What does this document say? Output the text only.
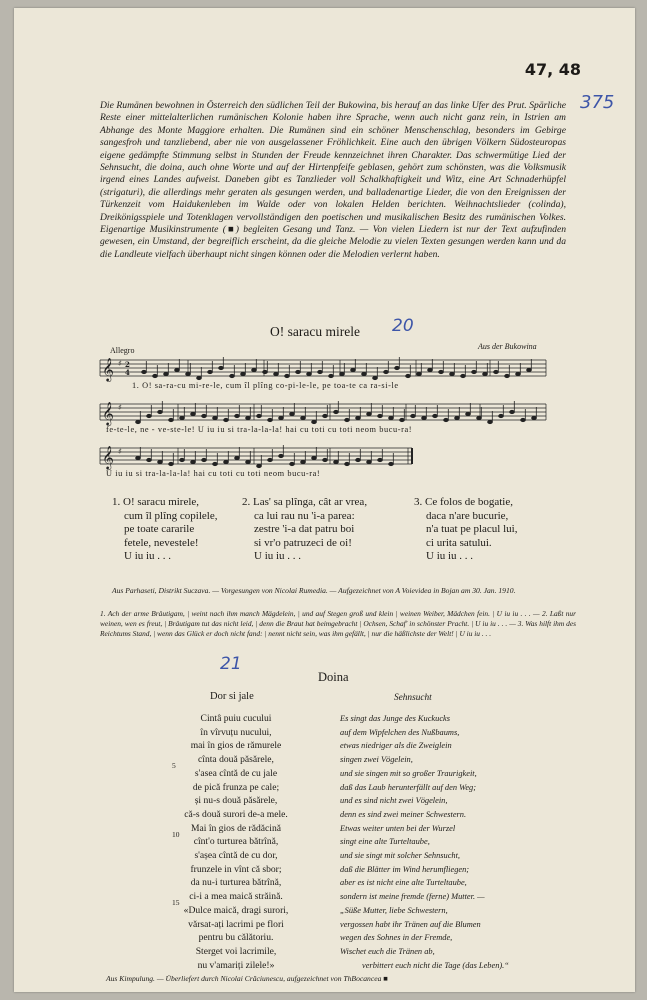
47, 48
375

Die Rumänen bewohnen in Österreich den südlichen Teil der Bukowina, bis herauf an das linke Ufer des Prut. Spärliche Reste einer mittelalterlichen rumänischen Kolonie haben ihre Sprache, wenn auch nicht ganz rein, in Istrien am Abhange des Monte Maggiore erhalten. Die Rumänen sind ein schöner Menschenschlag, besonders im Gebirge sangesfroh und tanzliebend, aber nie von ausgelassener Fröhlichkeit. Eine auch den übrigen Völkern Südosteuropas eigene gedämpfte Stimmung selbst in Stunden der Freude kennzeichnet ihren Charakter. Das schwermütige Lied der Sehnsucht, die doina, auch ohne Worte und auf der Hirtenpfeife geblasen, gehört zum schönsten, was die Volksmusik irgend eines Landes aufweist. Daneben gibt es Tanzlieder voll Schalkhaftigkeit und Witz, eine Art Schnaderhüpfel (strigaturi), die allerdings mehr geraten als gesungen werden, und balladenartige Lieder, die von den Ereignissen der Türkenzeit vom Haidukenleben im Walde oder von lokalen Helden berichten. Weihnachtslieder (colinda), Dreikönigsspiele und Totenklagen vervollständigen den poetischen und musikalischen Besitz des rumänischen Volkes. Eigenartige Musikinstrumente (■) begleiten Gesang und Tanz. — Von vielen Liedern ist nur der Text aufzufinden gewesen, ein Umstand, der begreiflich erscheint, da die gleiche Melodie zu vielen Texten gesungen werden kann und da die Landleute vielfach überhaupt nicht singen können oder die Melodien verlernt haben.

O! saracu mirele 20
Allegro	Aus der Bukowina
𝄞
𝄞
𝄞
♯
♯
♯
2
4
1. O! sa-ra-cu mi-re-le, cum îl plîng co-pi-le-le, pe toa-te ca ra-si-le
fe-te-le, ne - ve-ste-le! U iu iu si tra-la-la-la! hai cu toti cu toti neom bucu-ra!
U iu iu si tra-la-la-la! hai cu toti cu toti neom bucu-ra!
1. O! saracu mirele,
cum îl plîng copilele,
pe toate cararile
fetele, nevestele!
U iu iu . . .
2. Las' sa plînga, cât ar vrea,
ca lui rau nu 'i-a parea:
zestre 'i-a dat patru boi
si vr'o patruzeci de oi!
U iu iu . . .
3. Ce folos de bogatie,
daca n'are bucurie,
n'a tuat pe placul lui,
ci urita satului.
U iu iu . . .

Aus Parhaseti, Distrikt Suczava. — Vorgesungen von Nicolai Rumedia. — Aufgezeichnet von A Voievidea in Bojan am 30. Jan. 1910.

1. Ach der arme Bräutigam, | weint nach ihm manch Mägdelein, | und auf Stegen groß und klein | weinen Weiber, Mädchen fein. | U iu iu . . . — 2. Laßt nur weinen, wen es freut, | Bräutigam tut das nicht leid, | denn die Braut hat beimgebracht | Ochsen, Schaf' in schönster Pracht. | U iu iu . . . — 3. Was hilft ihm des Reichtums Stand, | wenn das Glück er doch nicht fand: | nennt nicht sein, was ihm gefällt, | nur die häßlichste der Welt! | U iu iu . . .

21
Doina
Dor si jale	Sehnsucht
Cintâ puiu cucului
în vîrvuțu nucului,
mai în gios de rămurele
cînta două păsărele,
s'asea cîntă de cu jale
de pică frunza pe cale;
și nu-s două păsărele,
că-s două surori de-a mele.
Mai în gios de rădăcină
cînt'o turturea bătrînă,
s'așea cîntă de cu dor,
frunzele in vînt că sbor;
da nu-i turturea bătrînă,
ci-i a mea maică străină.
«Dulce maică, dragi surori,
vărsat-ați lacrimi pe flori
pentru bu călătoriu.
Sterget voi lacrimile,
nu v'amariți zilele!»
5
10
15
Es singt das Junge des Kuckucks
auf dem Wipfelchen des Nußbaums,
etwas niedriger als die Zweiglein
singen zwei Vögelein,
und sie singen mit so großer Traurigkeit,
daß das Laub herunterfällt auf den Weg;
und es sind nicht zwei Vögelein,
denn es sind zwei meiner Schwestern.
Etwas weiter unten bei der Wurzel
singt eine alte Turteltaube,
und sie singt mit solcher Sehnsucht,
daß die Blätter im Wind herumfliegen;
aber es ist nicht eine alte Turteltaube,
sondern ist meine fremde (ferne) Mutter. —
„Süße Mutter, liebe Schwestern,
vergossen habt ihr Tränen auf die Blumen
wegen des Sohnes in der Fremde,
Wischet euch die Tränen ab,
verbittert euch nicht die Tage (das Leben).“
Aus Kimpulung. — Überliefert durch Nicolai Crăciunescu, aufgezeichnet von ThBocancea ■
